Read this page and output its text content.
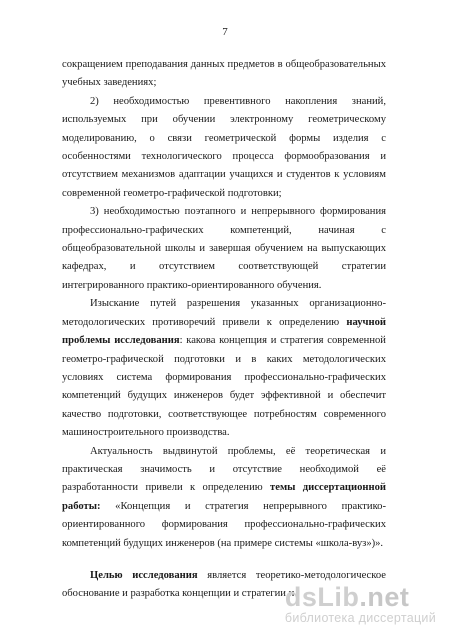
7

сокращением преподавания данных предметов в общеобразовательных учебных заведениях;

2) необходимостью превентивного накопления знаний, используемых при обучении электронному геометрическому моделированию, о связи геометрической формы изделия с особенностями технологического процесса формообразования и отсутствием механизмов адаптации учащихся и студентов к условиям современной геометро-графической подготовки;

3) необходимостью поэтапного и непрерывного формирования профессионально-графических компетенций, начиная с общеобразовательной школы и завершая обучением на выпускающих кафедрах, и отсутствием соответствующей стратегии интегрированного практико-ориентированного обучения.

Изыскание путей разрешения указанных организационно-методологических противоречий привели к определению научной проблемы исследования: какова концепция и стратегия современной геометро-графической подготовки и в каких методологических условиях система формирования профессионально-графических компетенций будущих инженеров будет эффективной и обеспечит качество подготовки, соответствующее потребностям современного машиностроительного производства.

Актуальность выдвинутой проблемы, её теоретическая и практическая значимость и отсутствие необходимой её разработанности привели к определению темы диссертационной работы: «Концепция и стратегия непрерывного практико-ориентированного формирования профессионально-графических компетенций будущих инженеров (на примере системы «школа-вуз»)».

Целью исследования является теоретико-методологическое обоснование и разработка концепции и стратегии н

dsLib.net
библиотека диссертаций
